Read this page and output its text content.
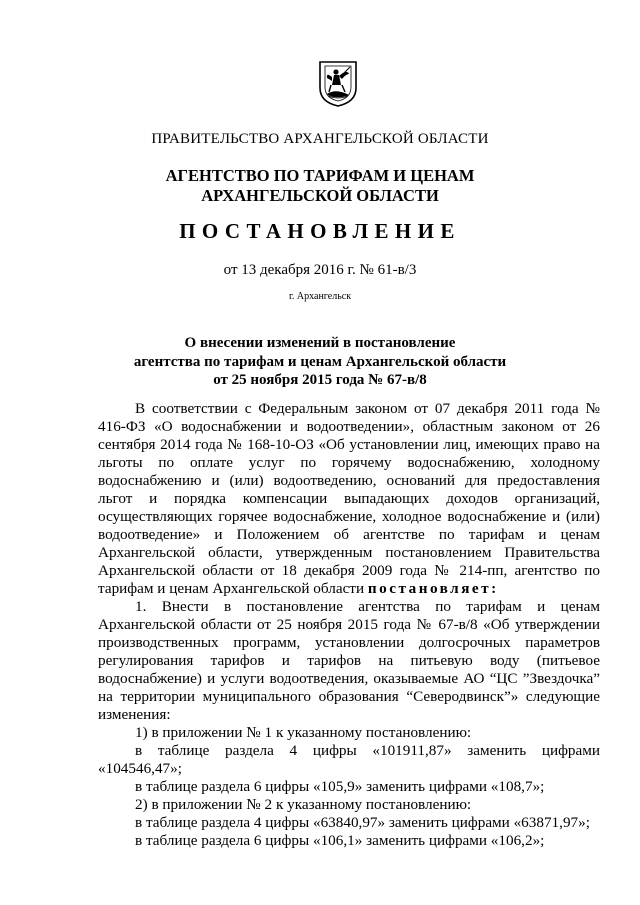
ПРАВИТЕЛЬСТВО АРХАНГЕЛЬСКОЙ ОБЛАСТИ
АГЕНТСТВО ПО ТАРИФАМ И ЦЕНАМ
АРХАНГЕЛЬСКОЙ ОБЛАСТИ
ПОСТАНОВЛЕНИЕ
от 13 декабря 2016 г. № 61-в/3
г. Архангельск
О внесении изменений в постановление
агентства по тарифам и ценам Архангельской области
от 25 ноября 2015 года № 67-в/8

В соответствии с Федеральным законом от 07 декабря 2011 года № 416-ФЗ «О водоснабжении и водоотведении», областным законом от 26 сентября 2014 года № 168-10-ОЗ «Об установлении лиц, имеющих право на льготы по оплате услуг по горячему водоснабжению, холодному водоснабжению и (или) водоотведению, оснований для предоставления льгот и порядка компенсации выпадающих доходов организаций, осуществляющих горячее водоснабжение, холодное водоснабжение и (или) водоотведение» и Положением об агентстве по тарифам и ценам Архангельской области, утвержденным постановлением Правительства Архангельской области от 18 декабря 2009 года № 214-пп, агентство по тарифам и ценам Архангельской области постановляет:

1. Внести в постановление агентства по тарифам и ценам Архангельской области от 25 ноября 2015 года № 67-в/8 «Об утверждении производственных программ, установлении долгосрочных параметров регулирования тарифов и тарифов на питьевую воду (питьевое водоснабжение) и услуги водоотведения, оказываемые АО “ЦС ”Звездочка” на территории муниципального образования “Северодвинск”» следующие изменения:

1) в приложении № 1 к указанному постановлению:

в таблице раздела 4 цифры «101911,87» заменить цифрами «104546,47»;

в таблице раздела 6 цифры «105,9» заменить цифрами «108,7»;

2) в приложении № 2 к указанному постановлению:

в таблице раздела 4 цифры «63840,97» заменить цифрами «63871,97»;

в таблице раздела 6 цифры «106,1» заменить цифрами «106,2»;
